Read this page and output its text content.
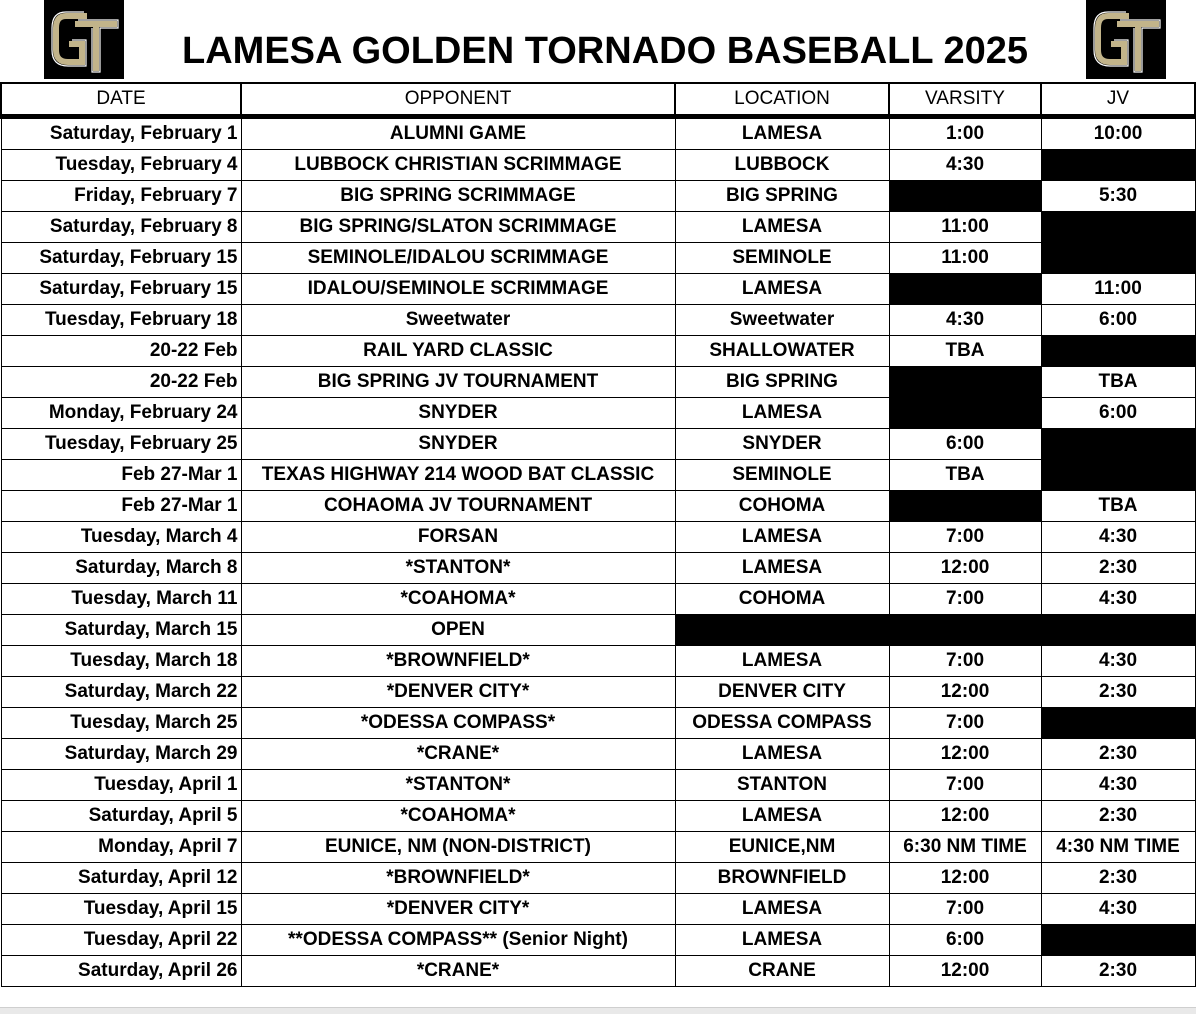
LAMESA GOLDEN TORNADO BASEBALL 2025
DATE	OPPONENT	LOCATION	VARSITY	JV
Saturday, February 1	ALUMNI GAME	LAMESA	1:00	10:00
Tuesday, February 4	LUBBOCK CHRISTIAN SCRIMMAGE	LUBBOCK	4:30	
Friday, February 7	BIG SPRING SCRIMMAGE	BIG SPRING		5:30
Saturday, February 8	BIG SPRING/SLATON SCRIMMAGE	LAMESA	11:00	
Saturday, February 15	SEMINOLE/IDALOU SCRIMMAGE	SEMINOLE	11:00	
Saturday, February 15	IDALOU/SEMINOLE SCRIMMAGE	LAMESA		11:00
Tuesday, February 18	Sweetwater	Sweetwater	4:30	6:00
20-22 Feb	RAIL YARD CLASSIC	SHALLOWATER	TBA	
20-22 Feb	BIG SPRING JV TOURNAMENT	BIG SPRING		TBA
Monday, February 24	SNYDER	LAMESA		6:00
Tuesday, February 25	SNYDER	SNYDER	6:00	
Feb 27-Mar 1	TEXAS HIGHWAY 214 WOOD BAT CLASSIC	SEMINOLE	TBA	
Feb 27-Mar 1	COHAOMA JV TOURNAMENT	COHOMA		TBA
Tuesday, March 4	FORSAN	LAMESA	7:00	4:30
Saturday, March 8	*STANTON*	LAMESA	12:00	2:30
Tuesday, March 11	*COAHOMA*	COHOMA	7:00	4:30
Saturday, March 15	OPEN			
Tuesday, March 18	*BROWNFIELD*	LAMESA	7:00	4:30
Saturday, March 22	*DENVER CITY*	DENVER CITY	12:00	2:30
Tuesday, March 25	*ODESSA COMPASS*	ODESSA COMPASS	7:00	
Saturday, March 29	*CRANE*	LAMESA	12:00	2:30
Tuesday, April 1	*STANTON*	STANTON	7:00	4:30
Saturday, April 5	*COAHOMA*	LAMESA	12:00	2:30
Monday, April 7	EUNICE, NM (NON-DISTRICT)	EUNICE,NM	6:30 NM TIME	4:30 NM TIME
Saturday, April 12	*BROWNFIELD*	BROWNFIELD	12:00	2:30
Tuesday, April 15	*DENVER CITY*	LAMESA	7:00	4:30
Tuesday, April 22	**ODESSA COMPASS** (Senior Night)	LAMESA	6:00	
Saturday, April 26	*CRANE*	CRANE	12:00	2:30
